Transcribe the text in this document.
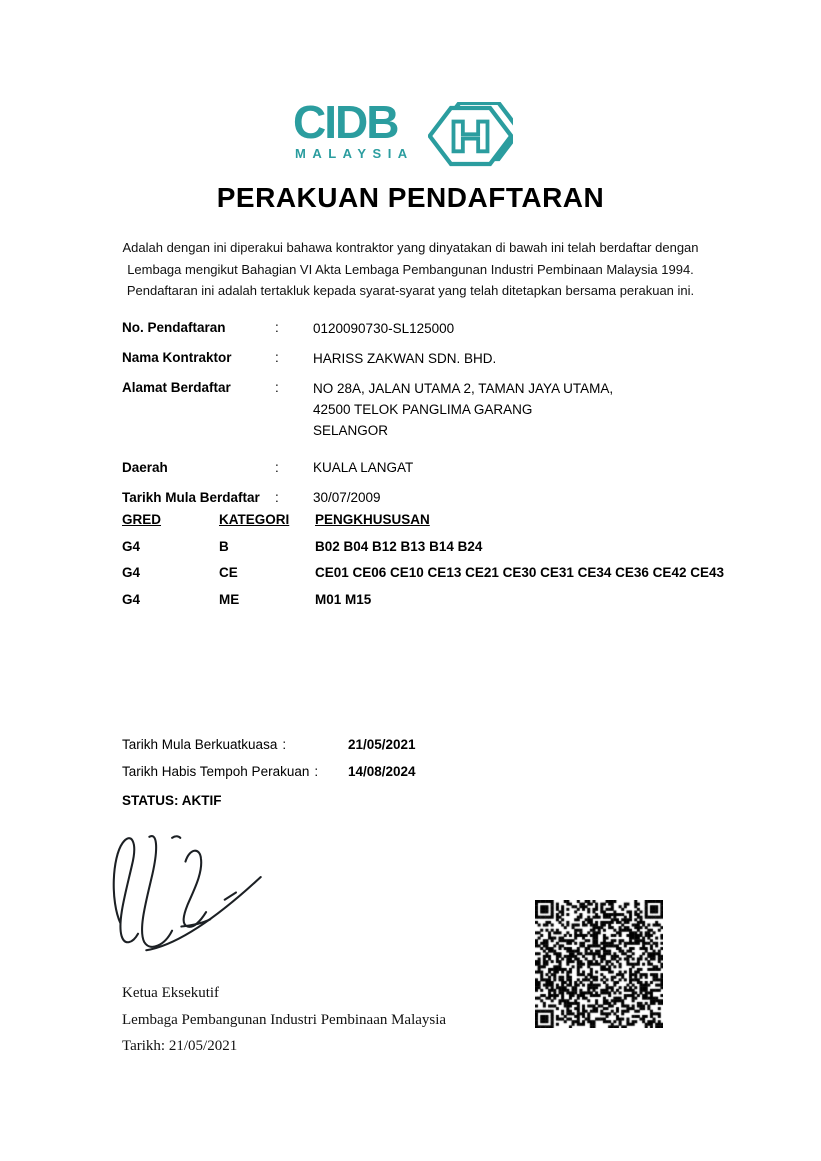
CIDB
MALAYSIA
PERAKUAN PENDAFTARAN
Adalah dengan ini diperakui bahawa kontraktor yang dinyatakan di bawah ini telah berdaftar dengan
Lembaga mengikut Bahagian VI Akta Lembaga Pembangunan Industri Pembinaan Malaysia 1994.
Pendaftaran ini adalah tertakluk kepada syarat-syarat yang telah ditetapkan bersama perakuan ini.
No. Pendaftaran	:	0120090730-SL125000
Nama Kontraktor	:	HARISS ZAKWAN SDN. BHD.
Alamat Berdaftar	:	NO 28A, JALAN UTAMA 2, TAMAN JAYA UTAMA,
42500 TELOK PANGLIMA GARANG
SELANGOR
Daerah	:	KUALA LANGAT
Tarikh Mula Berdaftar	:	30/07/2009
GRED	KATEGORI	PENGKHUSUSAN
G4	B	B02 B04 B12 B13 B14 B24
G4	CE	CE01 CE06 CE10 CE13 CE21 CE30 CE31 CE34 CE36 CE42 CE43
G4	ME	M01 M15
Tarikh Mula Berkuatkuasa :	21/05/2021
Tarikh Habis Tempoh Perakuan : 14/08/2024
STATUS: AKTIF
Ketua Eksekutif
Lembaga Pembangunan Industri Pembinaan Malaysia
Tarikh: 21/05/2021
